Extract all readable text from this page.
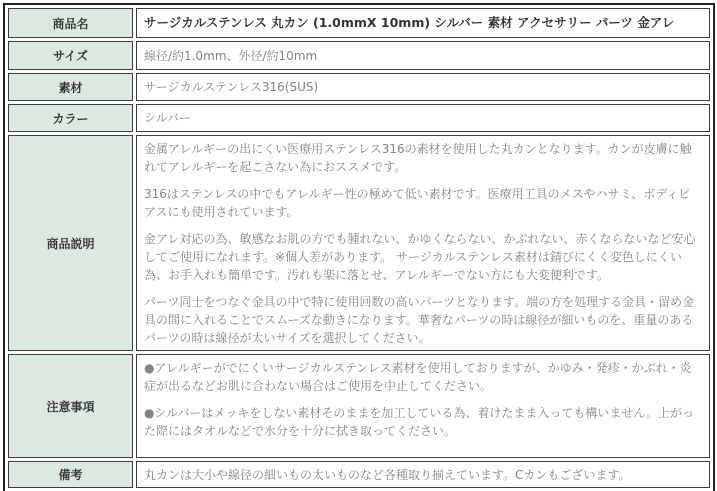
商品名	サージカルステンレス 丸カン (1.0mmX 10mm) シルバー 素材 アクセサリー パーツ 金アレ
サイズ	線径/約1.0mm、外径/約10mm
素材	サージカルステンレス316(SUS)
カラー	シルバー
商品説明	金属アレルギーの出にくい医療用ステンレス316の素材を使用した丸カンとなります。カンが皮膚に触れてアレルギーを起こさない為におススメです。

316はステンレスの中でもアレルギー性の極めて低い素材です。医療用工具のメスやハサミ、ボディピアスにも使用されています。

金アレ対応の為、敏感なお肌の方でも腫れない、かゆくならない、かぶれない、赤くならないなど安心してご使用になれます。※個人差があります。 サージカルステンレス素材は錆びにくく変色しにくい為、お手入れも簡単です。汚れも楽に落とせ、アレルギーでない方にも大変便利です。

パーツ同士をつなぐ金具の中で特に使用回数の高いパーツとなります。端の方を処理する金具・留め金具の間に入れることでスムーズな動きになります。華奢なパーツの時は線径が細いものを、重量のあるパーツの時は線径が太いサイズを選択してください。

注意事項	●アレルギーがでにくいサージカルステンレス素材を使用しておりますが、かゆみ・発疹・かぶれ・炎症が出るなどお肌に合わない場合はご使用を中止してください。

●シルバーはメッキをしない素材そのままを加工している為、着けたまま入っても構いません。上がった際にはタオルなどで水分を十分に拭き取ってください。

備考	丸カンは大小や線径の細いもの太いものなど各種取り揃えています。Cカンもございます。
